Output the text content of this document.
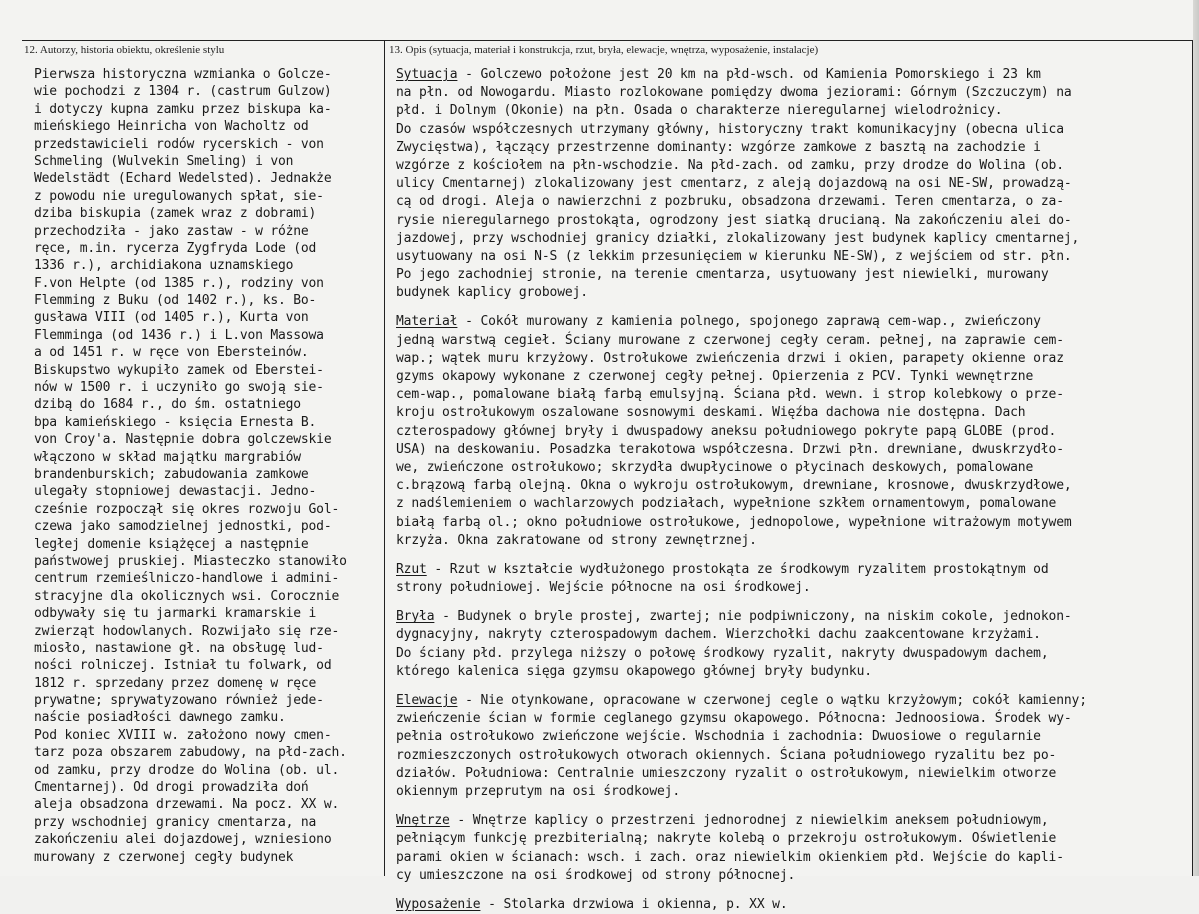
12. Autorzy, historia obiektu, określenie stylu	13. Opis (sytuacja, materiał i konstrukcja, rzut, bryła, elewacje, wnętrza, wyposażenie, instalacje)
Pierwsza historyczna wzmianka o Golcze-
wie pochodzi z 1304 r. (castrum Gulzow)
i dotyczy kupna zamku przez biskupa ka-
mieńskiego Heinricha von Wacholtz od
przedstawicieli rodów rycerskich - von
Schmeling (Wulvekin Smeling) i von
Wedelstädt (Echard Wedelsted). Jednakże
z powodu nie uregulowanych spłat, sie-
dziba biskupia (zamek wraz z dobrami)
przechodziła - jako zastaw - w różne
ręce, m.in. rycerza Zygfryda Lode (od
1336 r.), archidiakona uznamskiego
F.von Helpte (od 1385 r.), rodziny von
Flemming z Buku (od 1402 r.), ks. Bo-
gusława VIII (od 1405 r.), Kurta von
Flemminga (od 1436 r.) i L.von Massowa
a od 1451 r. w ręce von Ebersteinów.
Biskupstwo wykupiło zamek od Eberstei-
nów w 1500 r. i uczyniło go swoją sie-
dzibą do 1684 r., do śm. ostatniego
bpa kamieńskiego - księcia Ernesta B.
von Croy'a. Następnie dobra golczewskie
włączono w skład majątku margrabiów
brandenburskich; zabudowania zamkowe
ulegały stopniowej dewastacji. Jedno-
cześnie rozpoczął się okres rozwoju Gol-
czewa jako samodzielnej jednostki, pod-
ległej domenie książęcej a następnie
państwowej pruskiej. Miasteczko stanowiło
centrum rzemieślniczo-handlowe i admini-
stracyjne dla okolicznych wsi. Corocznie
odbywały się tu jarmarki kramarskie i
zwierząt hodowlanych. Rozwijało się rze-
miosło, nastawione gł. na obsługę lud-
ności rolniczej. Istniał tu folwark, od
1812 r. sprzedany przez domenę w ręce
prywatne; sprywatyzowano również jede-
naście posiadłości dawnego zamku.
Pod koniec XVIII w. założono nowy cmen-
tarz poza obszarem zabudowy, na płd-zach.
od zamku, przy drodze do Wolina (ob. ul.
Cmentarnej). Od drogi prowadziła doń
aleja obsadzona drzewami. Na pocz. XX w.
przy wschodniej granicy cmentarza, na
zakończeniu alei dojazdowej, wzniesiono
murowany z czerwonej cegły budynek
Sytuacja - Golczewo położone jest 20 km na płd-wsch. od Kamienia Pomorskiego i 23 km
na płn. od Nowogardu. Miasto rozlokowane pomiędzy dwoma jeziorami: Górnym (Szczuczym) na
płd. i Dolnym (Okonie) na płn. Osada o charakterze nieregularnej wielodrożnicy.
Do czasów współczesnych utrzymany główny, historyczny trakt komunikacyjny (obecna ulica
Zwycięstwa), łączący przestrzenne dominanty: wzgórze zamkowe z basztą na zachodzie i
wzgórze z kościołem na płn-wschodzie. Na płd-zach. od zamku, przy drodze do Wolina (ob.
ulicy Cmentarnej) zlokalizowany jest cmentarz, z aleją dojazdową na osi NE-SW, prowadzą-
cą od drogi. Aleja o nawierzchni z pozbruku, obsadzona drzewami. Teren cmentarza, o za-
rysie nieregularnego prostokąta, ogrodzony jest siatką drucianą. Na zakończeniu alei do-
jazdowej, przy wschodniej granicy działki, zlokalizowany jest budynek kaplicy cmentarnej,
usytuowany na osi N-S (z lekkim przesunięciem w kierunku NE-SW), z wejściem od str. płn.
Po jego zachodniej stronie, na terenie cmentarza, usytuowany jest niewielki, murowany
budynek kaplicy grobowej.
Materiał - Cokół murowany z kamienia polnego, spojonego zaprawą cem-wap., zwieńczony
jedną warstwą cegieł. Ściany murowane z czerwonej cegły ceram. pełnej, na zaprawie cem-
wap.; wątek muru krzyżowy. Ostrołukowe zwieńczenia drzwi i okien, parapety okienne oraz
gzyms okapowy wykonane z czerwonej cegły pełnej. Opierzenia z PCV. Tynki wewnętrzne
cem-wap., pomalowane białą farbą emulsyjną. Ściana płd. wewn. i strop kolebkowy o prze-
kroju ostrołukowym oszalowane sosnowymi deskami. Więźba dachowa nie dostępna. Dach
czterospadowy głównej bryły i dwuspadowy aneksu południowego pokryte papą GLOBE (prod.
USA) na deskowaniu. Posadzka terakotowa współczesna. Drzwi płn. drewniane, dwuskrzydło-
we, zwieńczone ostrołukowo; skrzydła dwupłycinowe o płycinach deskowych, pomalowane
c.brązową farbą olejną. Okna o wykroju ostrołukowym, drewniane, krosnowe, dwuskrzydłowe,
z nadślemieniem o wachlarzowych podziałach, wypełnione szkłem ornamentowym, pomalowane
białą farbą ol.; okno południowe ostrołukowe, jednopolowe, wypełnione witrażowym motywem
krzyża. Okna zakratowane od strony zewnętrznej.
Rzut - Rzut w kształcie wydłużonego prostokąta ze środkowym ryzalitem prostokątnym od
strony południowej. Wejście północne na osi środkowej.
Bryła - Budynek o bryle prostej, zwartej; nie podpiwniczony, na niskim cokole, jednokon-
dygnacyjny, nakryty czterospadowym dachem. Wierzchołki dachu zaakcentowane krzyżami.
Do ściany płd. przylega niższy o połowę środkowy ryzalit, nakryty dwuspadowym dachem,
którego kalenica sięga gzymsu okapowego głównej bryły budynku.
Elewacje - Nie otynkowane, opracowane w czerwonej cegle o wątku krzyżowym; cokół kamienny;
zwieńczenie ścian w formie ceglanego gzymsu okapowego. Północna: Jednoosiowa. Środek wy-
pełnia ostrołukowo zwieńczone wejście. Wschodnia i zachodnia: Dwuosiowe o regularnie
rozmieszczonych ostrołukowych otworach okiennych. Ściana południowego ryzalitu bez po-
działów. Południowa: Centralnie umieszczony ryzalit o ostrołukowym, niewielkim otworze
okiennym przeprutym na osi środkowej.
Wnętrze - Wnętrze kaplicy o przestrzeni jednorodnej z niewielkim aneksem południowym,
pełniącym funkcję prezbiterialną; nakryte kolebą o przekroju ostrołukowym. Oświetlenie
parami okien w ścianach: wsch. i zach. oraz niewielkim okienkiem płd. Wejście do kapli-
cy umieszczone na osi środkowej od strony północnej.
Wyposażenie - Stolarka drzwiowa i okienna, p. XX w.
